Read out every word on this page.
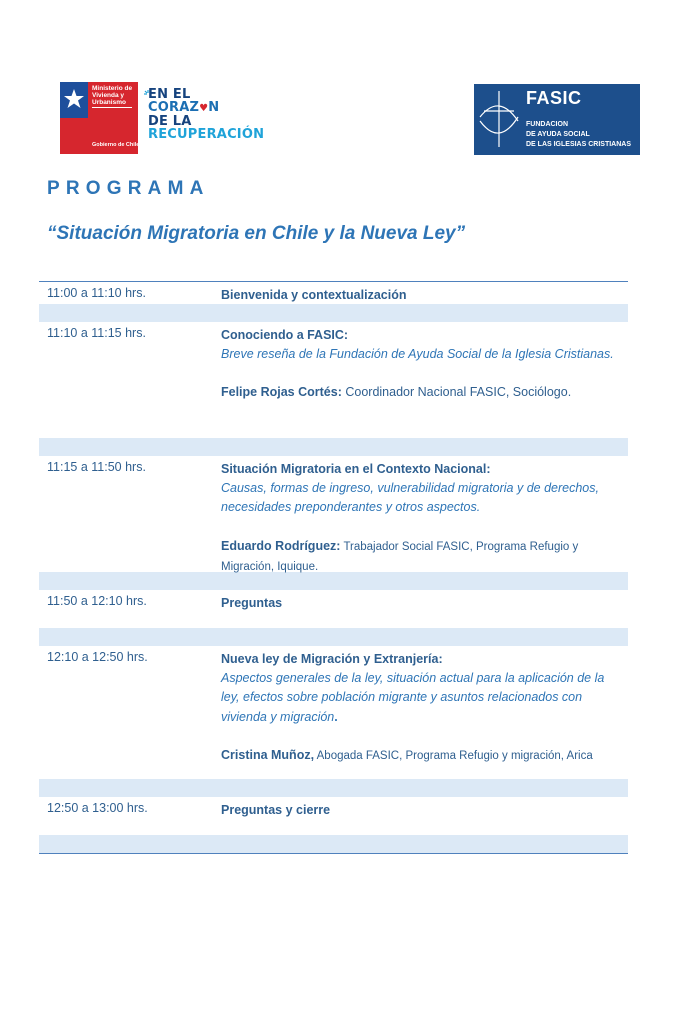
Ministerio de
Vivienda y
Urbanismo
Gobierno de Chile
EN EL
CORAZ♥N
DE LA
RECUPERACIÓN
FASIC
FUNDACION
DE AYUDA SOCIAL
DE LAS IGLESIAS CRISTIANAS
PROGRAMA
“Situación Migratoria en Chile y la Nueva Ley”
11:00 a 11:10 hrs.	Bienvenida y contextualización
11:10 a 11:15 hrs.	Conociendo a FASIC:
Breve reseña de la Fundación de Ayuda Social de la Iglesia Cristianas.
Felipe Rojas Cortés: Coordinador Nacional FASIC, Sociólogo.
11:15 a 11:50 hrs.	Situación Migratoria en el Contexto Nacional:
Causas, formas de ingreso, vulnerabilidad migratoria y de derechos, necesidades preponderantes y otros aspectos.
Eduardo Rodríguez: Trabajador Social FASIC, Programa Refugio y Migración, Iquique.
11:50 a 12:10 hrs.	Preguntas
12:10 a 12:50 hrs.	Nueva ley de Migración y Extranjería:
Aspectos generales de la ley, situación actual para la aplicación de la ley, efectos sobre población migrante y asuntos relacionados con vivienda y migración.
Cristina Muñoz, Abogada FASIC, Programa Refugio y migración, Arica
12:50 a 13:00 hrs.	Preguntas y cierre
